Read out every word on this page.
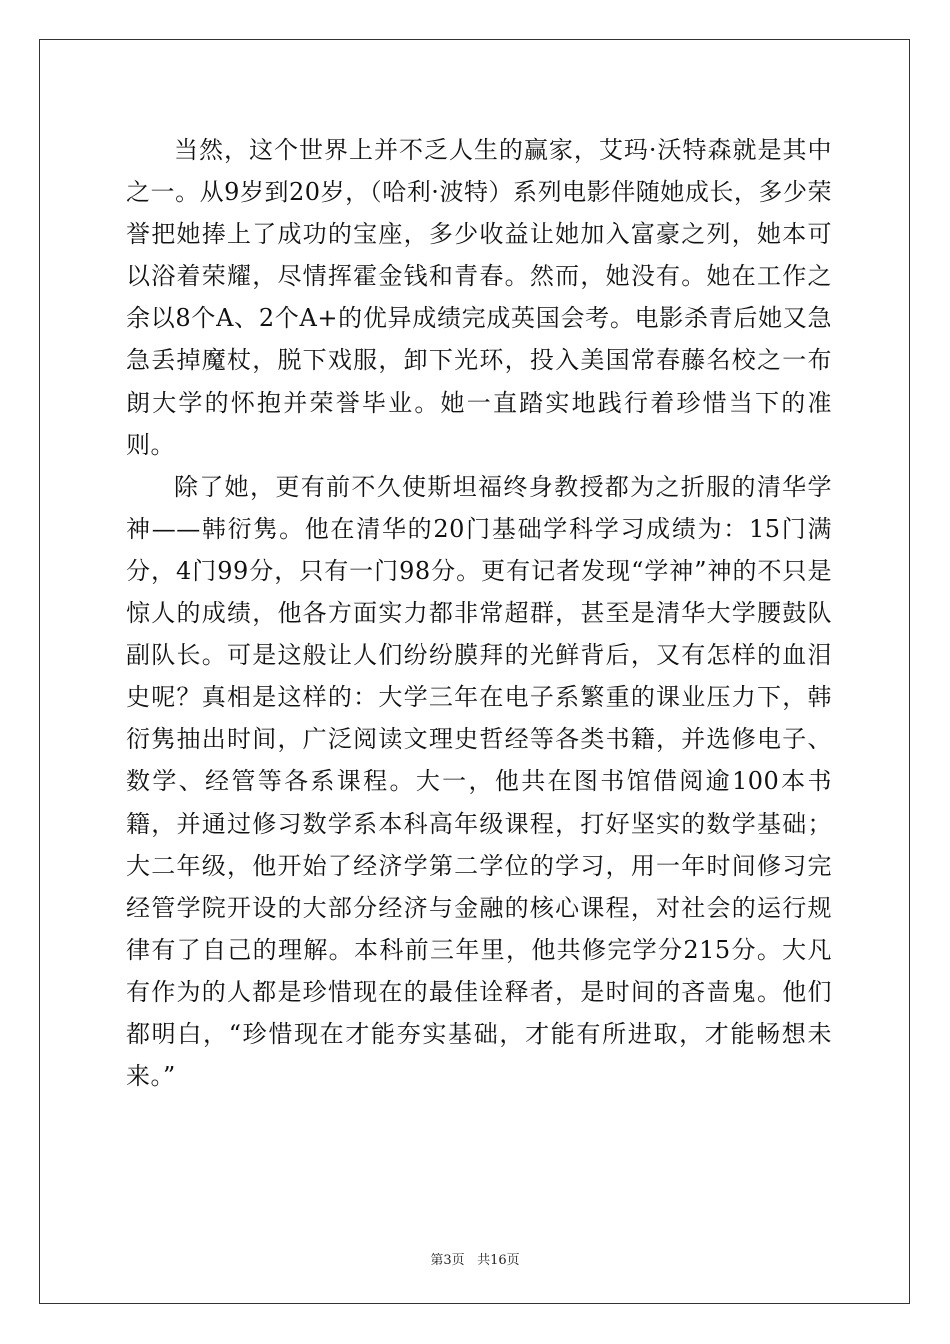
当然，这个世界上并不乏人生的赢家，艾玛·沃特森就是其中之一。从9岁到20岁，（哈利·波特）系列电影伴随她成长，多少荣誉把她捧上了成功的宝座，多少收益让她加入富豪之列，她本可以浴着荣耀，尽情挥霍金钱和青春。然而，她没有。她在工作之余以8个A、2个A+的优异成绩完成英国会考。电影杀青后她又急急丢掉魔杖，脱下戏服，卸下光环，投入美国常春藤名校之一布朗大学的怀抱并荣誉毕业。她一直踏实地践行着珍惜当下的准则。

除了她，更有前不久使斯坦福终身教授都为之折服的清华学神——韩衍隽。他在清华的20门基础学科学习成绩为：15门满分，4门99分，只有一门98分。更有记者发现“学神”神的不只是惊人的成绩，他各方面实力都非常超群，甚至是清华大学腰鼓队副队长。可是这般让人们纷纷膜拜的光鲜背后，又有怎样的血泪史呢？真相是这样的：大学三年在电子系繁重的课业压力下，韩衍隽抽出时间，广泛阅读文理史哲经等各类书籍，并选修电子、数学、经管等各系课程。大一，他共在图书馆借阅逾100本书籍，并通过修习数学系本科高年级课程，打好坚实的数学基础；大二年级，他开始了经济学第二学位的学习，用一年时间修习完经管学院开设的大部分经济与金融的核心课程，对社会的运行规律有了自己的理解。本科前三年里，他共修完学分215分。大凡有作为的人都是珍惜现在的最佳诠释者，是时间的吝啬鬼。他们都明白，“珍惜现在才能夯实基础，才能有所进取，才能畅想未来。”

第3页 共16页
